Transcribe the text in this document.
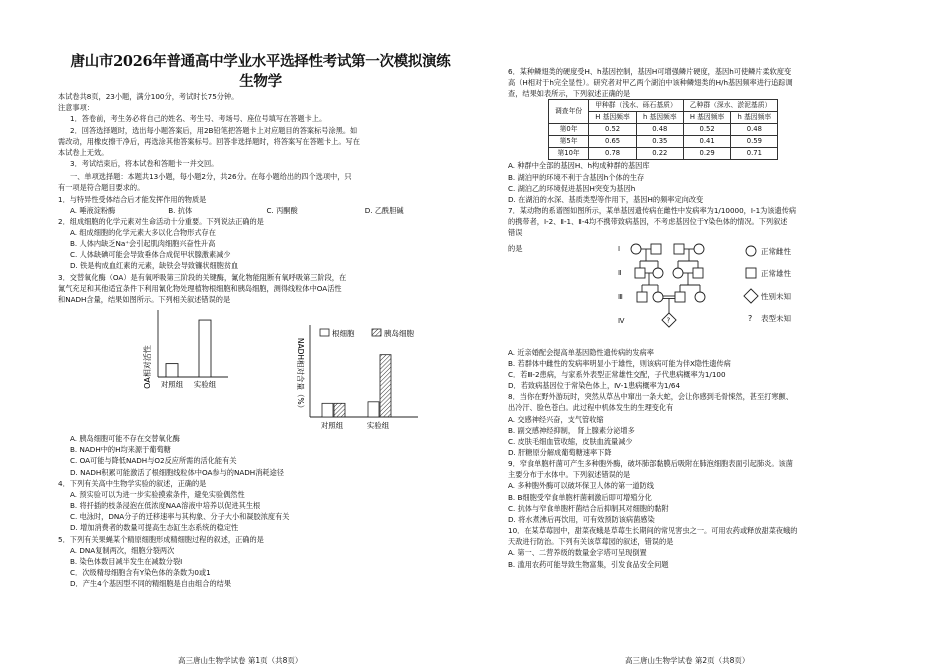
唐山市2026年普通高中学业水平选择性考试第一次模拟演练
生物学
本试卷共8页，23小题，满分100分，考试时长75分钟。
注意事项：
1．答卷前，考生务必将自己的姓名、考生号、考场号、座位号填写在答题卡上。
2．回答选择题时，选出每小题答案后，用2B铅笔把答题卡上对应题目的答案标号涂黑。如
需改动，用橡皮擦干净后，再选涂其他答案标号。回答非选择题时，将答案写在答题卡上。写在
本试卷上无效。
3．考试结束后，将本试卷和答题卡一并交回。
一、单项选择题：本题共13小题，每小题2分，共26分。在每小题给出的四个选项中，只
有一项是符合题目要求的。
1．与特异性受体结合后才能发挥作用的物质是
A. 唾液淀粉酶	B. 抗体	C. 丙酮酸	D. 乙酰胆碱
2．组成细胞的化学元素对生命活动十分重要。下列说法正确的是
A. 组成细胞的化学元素大多以化合物形式存在
B. 人体内缺乏Na⁺会引起肌肉细胞兴奋性升高
C. 人体缺碘可能会导致垂体合成促甲状腺激素减少
D. 铁是构成血红素的元素，缺铁会导致镰状细胞贫血
3．交替氧化酶（OA）是有氧呼吸第三阶段的关键酶，氰化物能阻断有氧呼吸第三阶段，在
氰气充足和其他适宜条件下利用氰化物处理植物根细胞和胰岛细胞，测得线粒体中OA活性
和NADH含量，结果如图所示。下列相关叙述错误的是
OA相对活性 对照组 实验组	NADH相对含量（%）
根细胞	胰岛细胞
对照组	实验组
A. 胰岛细胞可能不存在交替氧化酶
B. NADH中的H均来源于葡萄糖
C. OA可能与降低NADH与O2反应所需的活化能有关
D. NADH积累可能激活了根细胞线粒体中OA参与的NADH消耗途径
4．下列有关高中生物学实验的叙述，正确的是
A. 预实验可以为进一步实验摸索条件，避免实验偶然性
B. 将扦插的枝条浸泡在低浓度NAA溶液中培养以促进其生根
C. 电泳时，DNA分子的迁移速率与其构象、分子大小和凝胶浓度有关
D. 增加消费者的数量可提高生态缸生态系统的稳定性
5．下列有关果蝇某个精原细胞形成精细胞过程的叙述，正确的是
A. DNA复制两次，细胞分裂两次
B. 染色体数目减半发生在减数分裂Ⅰ
C．次级精母细胞含有Y染色体的条数为0或1
D．产生4个基因型不同的精细胞是自由组合的结果
高三唐山生物学试卷 第1页（共8页）
6．某种鳞翅类的硬度受H、h基因控制，基因H可增强鳞片硬度，基因h可使鳞片柔软度变
高（H相对于h完全显性）。研究者对甲乙两个湖泊中该种鳞翅类的H/h基因频率进行追踪调
查，结果如表所示，下列叙述正确的是
调查年份	甲种群（浅水、砾石基质）		乙种群（深水、淤泥基质）	
	H 基因频率	h 基因频率	H 基因频率	h 基因频率
第0年	0.52	0.48	0.52	0.48
第5年	0.65	0.35	0.41	0.59
第10年	0.78	0.22	0.29	0.71
A. 种群中全部的基因H、h构成种群的基因库
B. 湖泊甲的环境不利于含基因h个体的生存
C. 湖泊乙的环境促进基因H突变为基因h
D. 在湖泊的水深、基质类型等作用下，基因H的频率定向改变
7．某动物的系谱图如图所示，某单基因遗传病在雌性中发病率为1/10000，Ⅰ-1为该遗传病
的携带者，Ⅰ-2、Ⅱ-1、Ⅱ-4均不携带致病基因，不考虑基因位于Y染色体的情况。下列叙述
错误
的是	Ⅰ
Ⅱ
Ⅲ
Ⅳ	?
正常雌性
正常雄性
性别未知
? 表型未知
A. 近亲婚配会提高单基因隐性遗传病的发病率
B. 若群体中雌性的发病率明显小于雄性，则该病可能为伴X隐性遗传病
C．若Ⅲ-2患病，与家系外表型正常雄性交配，子代患病概率为1/100
D．若致病基因位于常染色体上，Ⅳ-1患病概率为1/64
8．当你在野外游玩时，突然从草丛中窜出一条大蛇，会让你感到毛骨悚然，甚至打寒颤、
出冷汗、脸色苍白。此过程中机体发生的生理变化有
A. 交感神经兴奋，支气管收缩
B. 副交感神经抑制， 肾上腺素分泌增多
C. 皮肤毛细血管收缩，皮肤血流量减少
D. 肝糖原分解成葡萄糖速率下降
9．窄食单胞杆菌可产生多种胞外酶，破坏肺部黏膜后吸附在肺泡细胞表面引起肺炎。该菌
主要分布于水体中。下列叙述错误的是
A. 多种胞外酶可以破坏保卫人体的第一道防线
B. B细胞受窄食单胞杆菌刺激后即可增殖分化
C. 抗体与窄食单胞杆菌结合后抑制其对细胞的黏附
D. 将水煮沸后再饮用，可有效预防该病菌感染
10．在某草莓园中，甜菜夜蛾是草莓生长期间的常见害虫之一。可用农药或释放甜菜夜蛾的
天敌进行防治。下列有关该草莓园的叙述，错误的是
A. 第一、二营养级的数量金字塔可呈现倒置
B. 滥用农药可能导致生物富集，引发食品安全问题
高三唐山生物学试卷 第2页（共8页）
